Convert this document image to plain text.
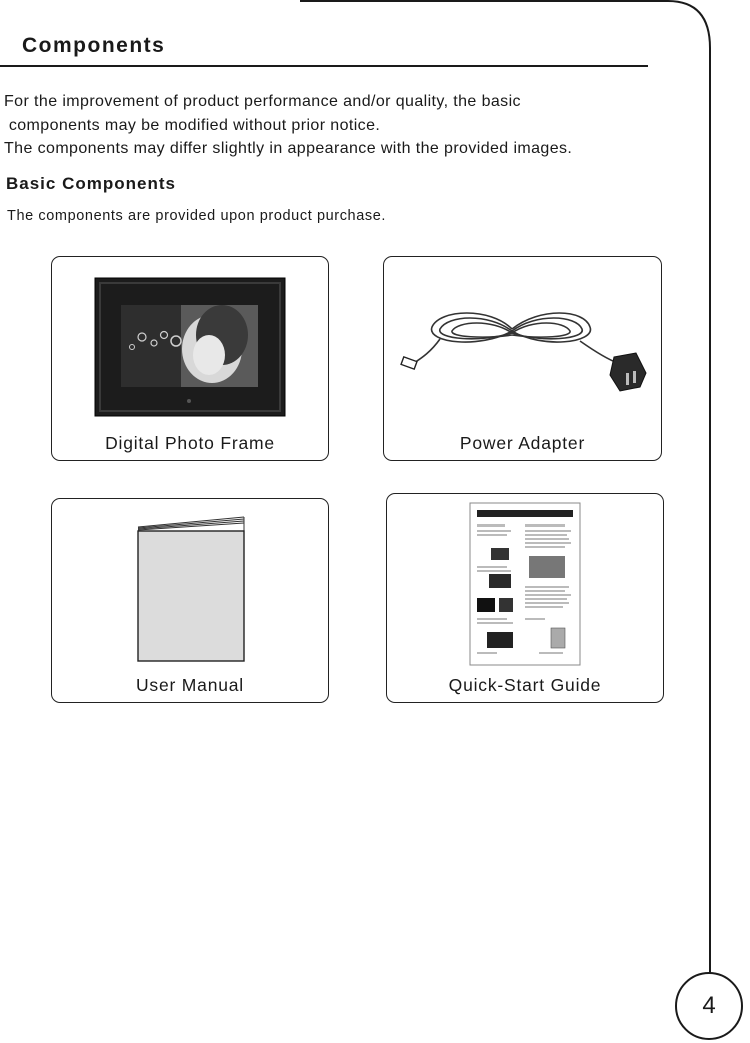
Components

For the improvement of product performance and/or quality, the basic
components may be modified without prior notice.
The components may differ slightly in appearance with the provided images.

Basic Components

The components are provided upon product purchase.

Digital Photo Frame	Power Adapter
User Manual	Quick-Start Guide
4
